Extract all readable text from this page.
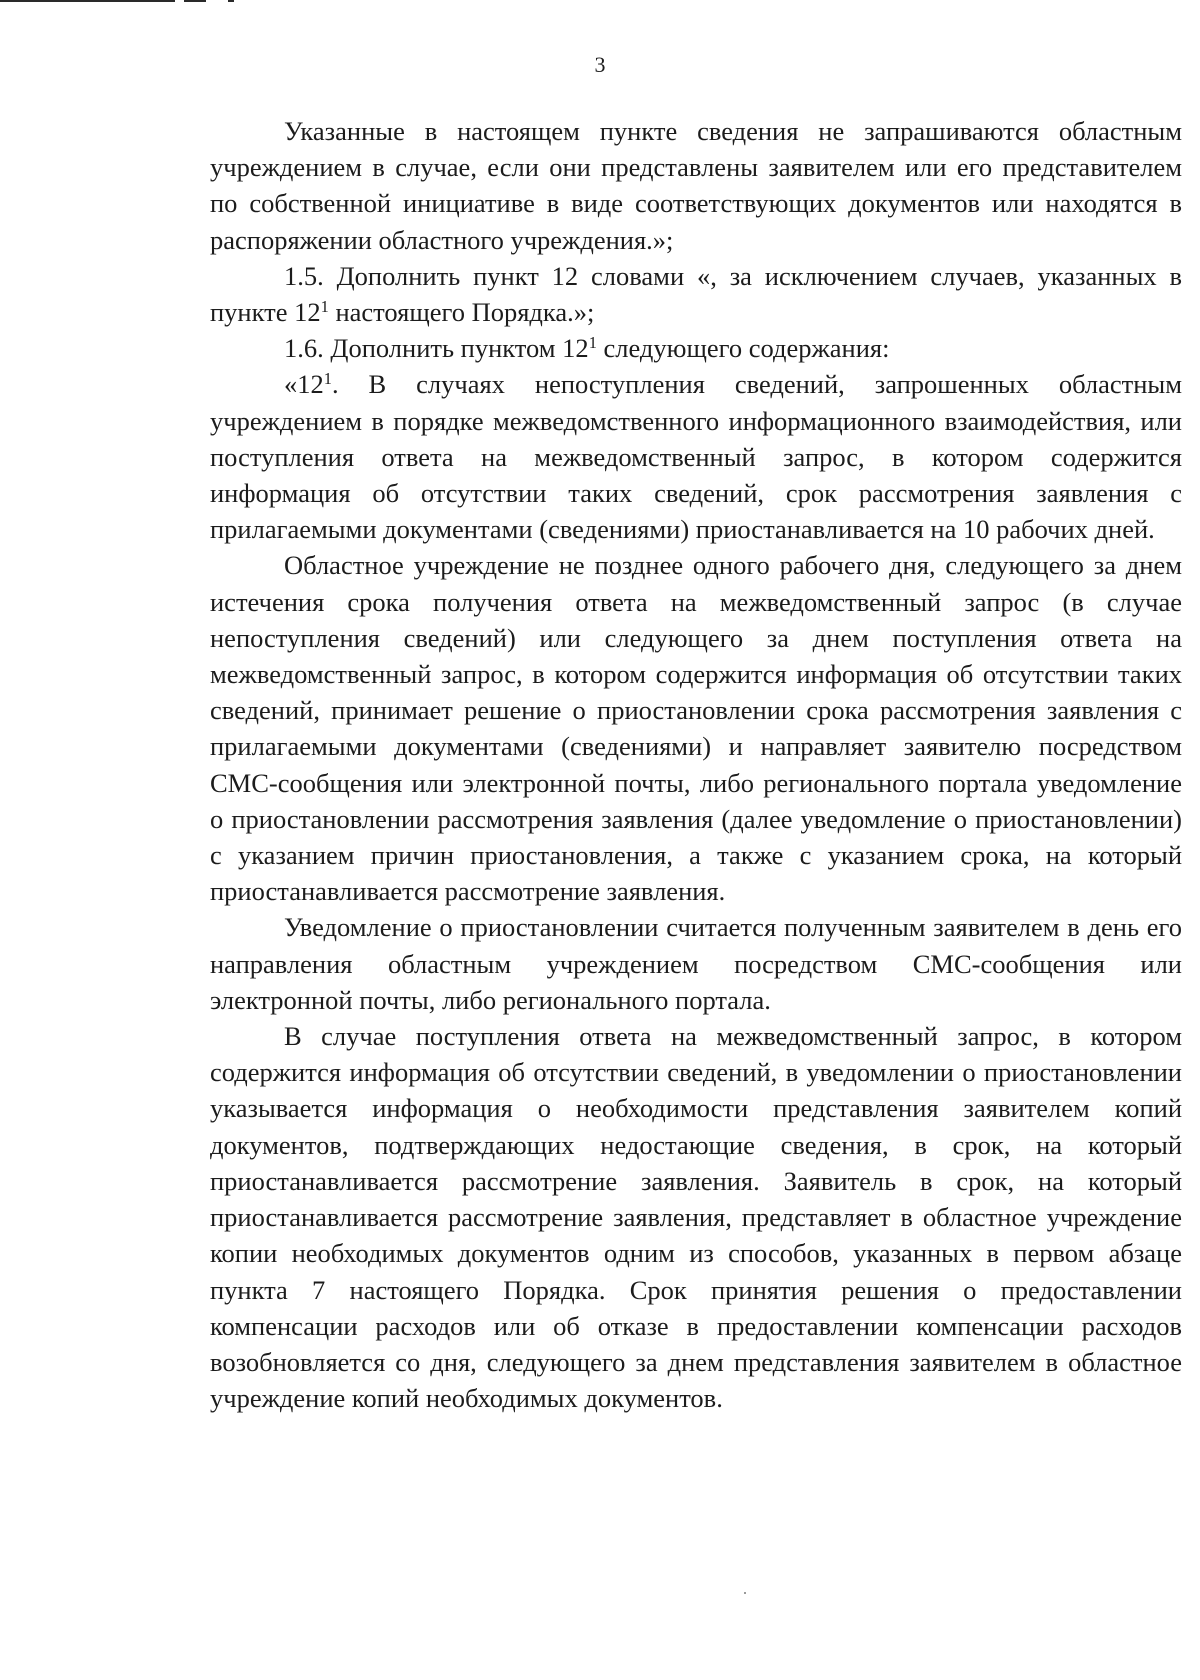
3

Указанные в настоящем пункте сведения не запрашиваются областным учреждением в случае, если они представлены заявителем или его представителем по собственной инициативе в виде соответствующих документов или находятся в распоряжении областного учреждения.»;

1.5. Дополнить пункт 12 словами «, за исключением случаев, указанных в пункте $12^1$ настоящего Порядка.»;

1.6. Дополнить пунктом $12^1$ следующего содержания:

«$12^1$. В случаях непоступления сведений, запрошенных областным учреждением в порядке межведомственного информационного взаимодействия, или поступления ответа на межведомственный запрос, в котором содержится информация об отсутствии таких сведений, срок рассмотрения заявления с прилагаемыми документами (сведениями) приостанавливается на 10 рабочих дней.

Областное учреждение не позднее одного рабочего дня, следующего за днем истечения срока получения ответа на межведомственный запрос (в случае непоступления сведений) или следующего за днем поступления ответа на межведомственный запрос, в котором содержится информация об отсутствии таких сведений, принимает решение о приостановлении срока рассмотрения заявления с прилагаемыми документами (сведениями) и направляет заявителю посредством СМС-сообщения или электронной почты, либо регионального портала уведомление о приостановлении рассмотрения заявления (далее уведомление о приостановлении) с указанием причин приостановления, а также с указанием срока, на который приостанавливается рассмотрение заявления.

Уведомление о приостановлении считается полученным заявителем в день его направления областным учреждением посредством СМС-сообщения или электронной почты, либо регионального портала.

В случае поступления ответа на межведомственный запрос, в котором содержится информация об отсутствии сведений, в уведомлении о приостановлении указывается информация о необходимости представления заявителем копий документов, подтверждающих недостающие сведения, в срок, на который приостанавливается рассмотрение заявления. Заявитель в срок, на который приостанавливается рассмотрение заявления, представляет в областное учреждение копии необходимых документов одним из способов, указанных в первом абзаце пункта 7 настоящего Порядка. Срок принятия решения о предоставлении компенсации расходов или об отказе в предоставлении компенсации расходов возобновляется со дня, следующего за днем представления заявителем в областное учреждение копий необходимых документов.
